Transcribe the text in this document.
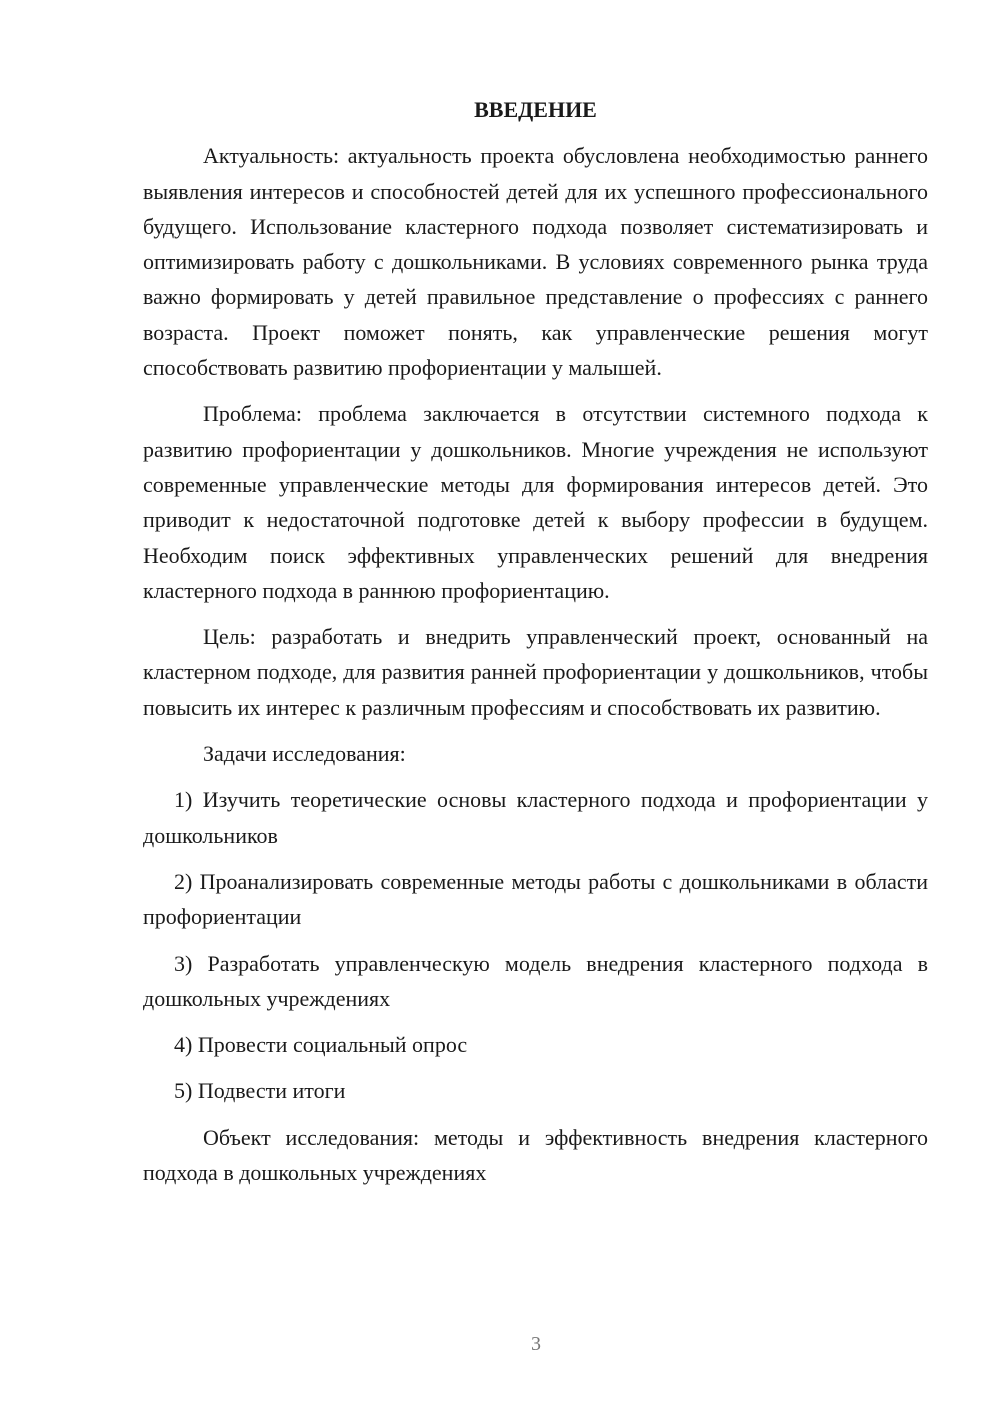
ВВЕДЕНИЕ

Актуальность: актуальность проекта обусловлена необходимостью раннего выявления интересов и способностей детей для их успешного профессионального будущего. Использование кластерного подхода позволяет систематизировать и оптимизировать работу с дошкольниками. В условиях современного рынка труда важно формировать у детей правильное представление о профессиях с раннего возраста. Проект поможет понять, как управленческие решения могут способствовать развитию профориентации у малышей.

Проблема: проблема заключается в отсутствии системного подхода к развитию профориентации у дошкольников. Многие учреждения не используют современные управленческие методы для формирования интересов детей. Это приводит к недостаточной подготовке детей к выбору профессии в будущем. Необходим поиск эффективных управленческих решений для внедрения кластерного подхода в раннюю профориентацию.

Цель: разработать и внедрить управленческий проект, основанный на кластерном подходе, для развития ранней профориентации у дошкольников, чтобы повысить их интерес к различным профессиям и способствовать их развитию.

Задачи исследования:

1) Изучить теоретические основы кластерного подхода и профориентации у дошкольников

2) Проанализировать современные методы работы с дошкольниками в области профориентации

3) Разработать управленческую модель внедрения кластерного подхода в дошкольных учреждениях

4) Провести социальный опрос

5) Подвести итоги

Объект исследования: методы и эффективность внедрения кластерного подхода в дошкольных учреждениях

3
